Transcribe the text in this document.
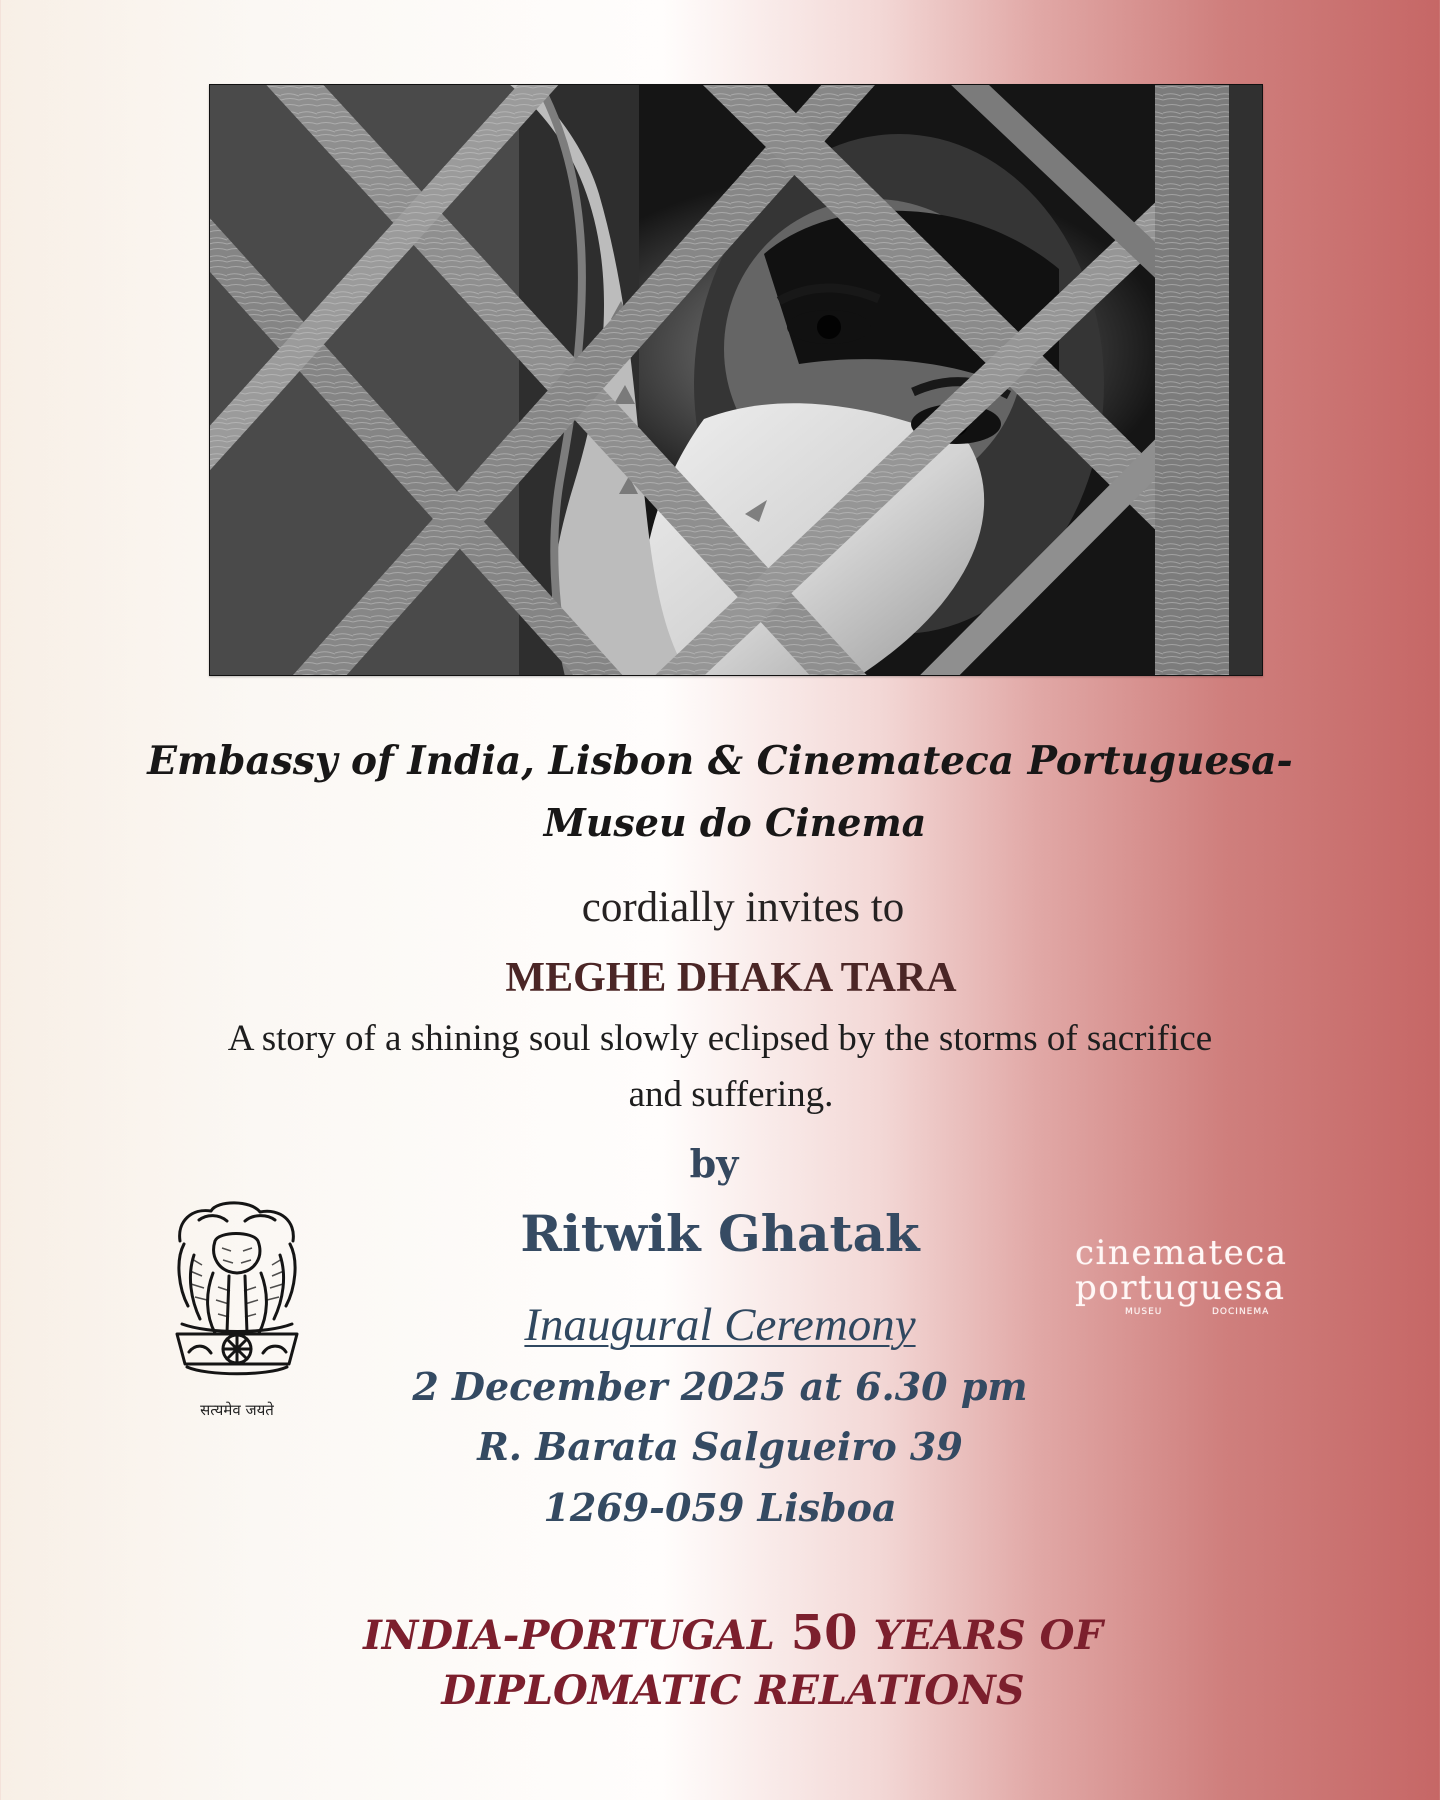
Embassy of India, Lisbon & Cinemateca Portuguesa-
Museu do Cinema
cordially invites to
MEGHE DHAKA TARA
A story of a shining soul slowly eclipsed by the storms of sacrifice
and suffering.
by
Ritwik Ghatak
Inaugural Ceremony
2 December 2025 at 6.30 pm
R. Barata Salgueiro 39
1269-059 Lisboa
INDIA-PORTUGAL 50 YEARS OF
DIPLOMATIC RELATIONS
सत्यमेव जयते
cinemateca
portuguesa
MUSEU	DOCINEMA
